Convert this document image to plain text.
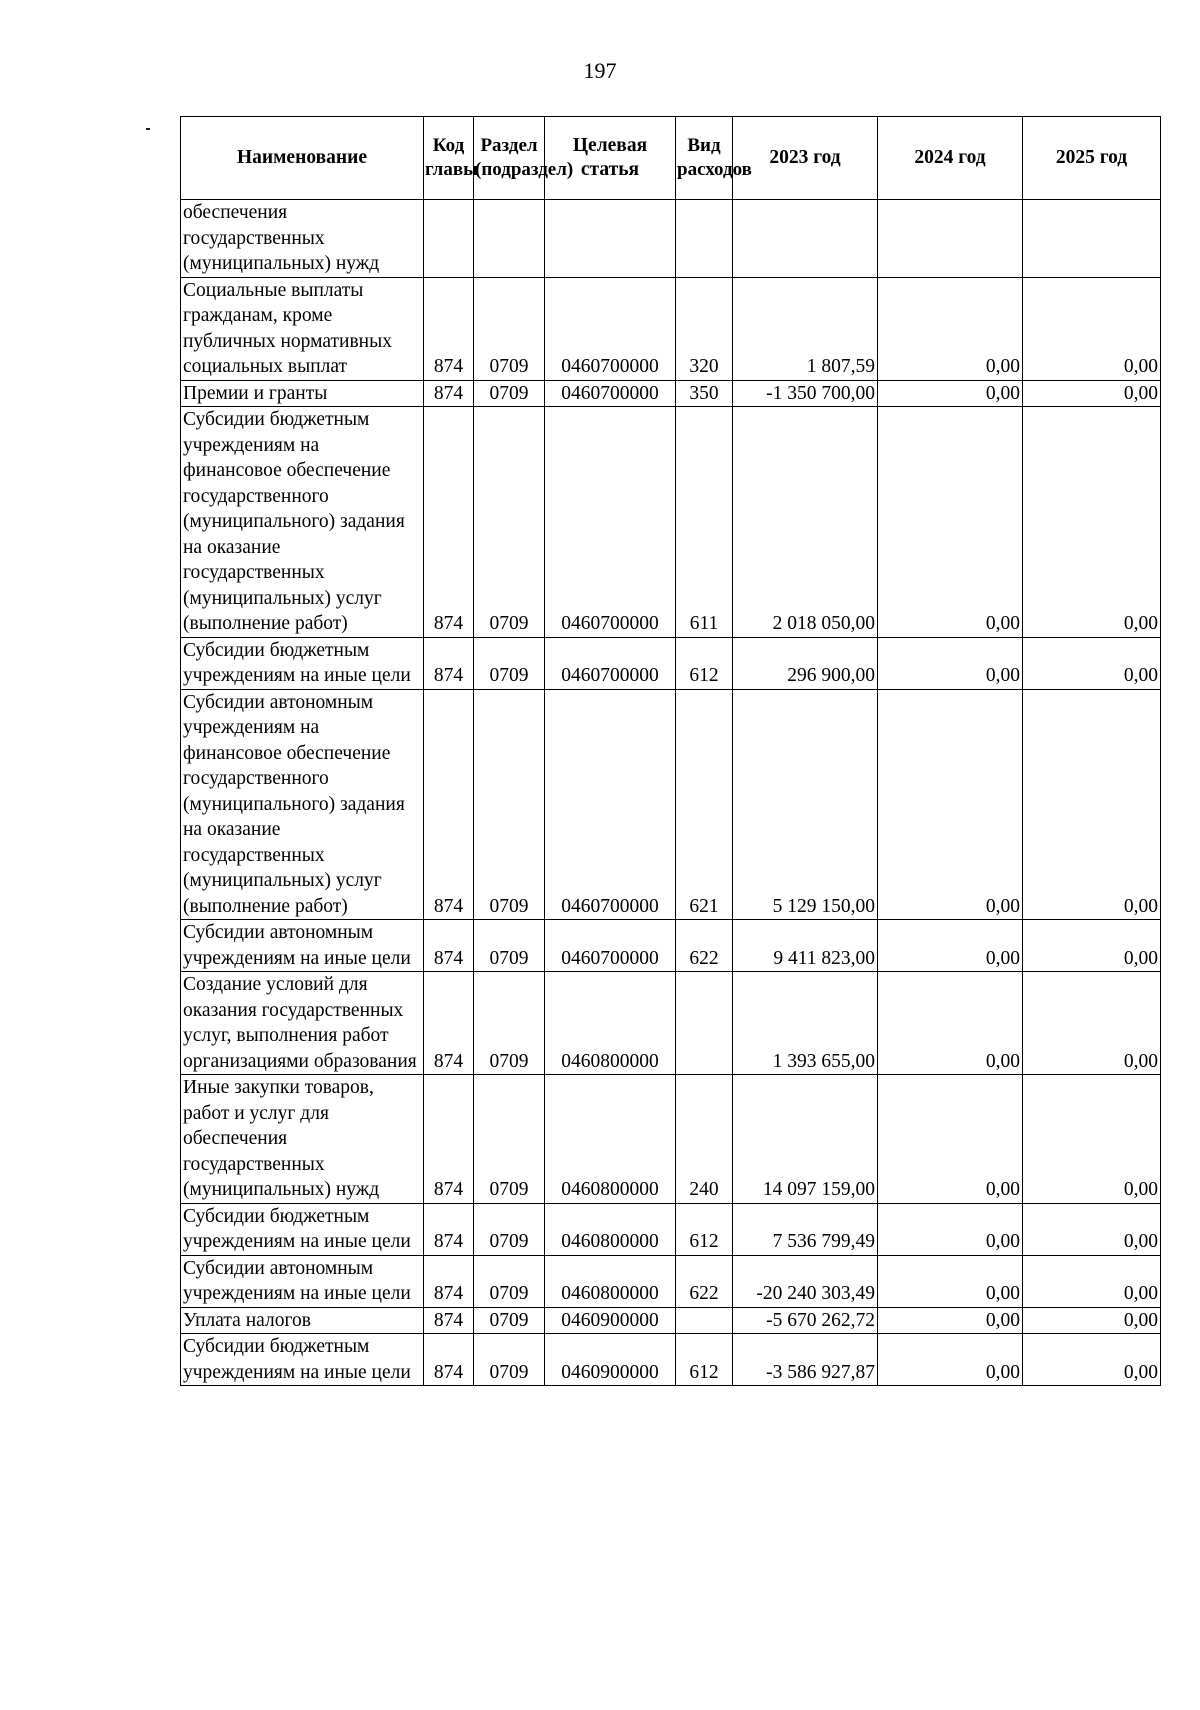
197
Наименование	Код главы	Раздел (подраздел)	Целевая статья	Вид расходов	2023 год	2024 год	2025 год
обеспечения государственных (муниципальных) нужд							
Социальные выплаты гражданам, кроме публичных нормативных социальных выплат	874	0709	0460700000	320	1 807,59	0,00	0,00
Премии и гранты	874	0709	0460700000	350	-1 350 700,00	0,00	0,00
Субсидии бюджетным учреждениям на финансовое обеспечение государственного (муниципального) задания на оказание государственных (муниципальных) услуг (выполнение работ)	874	0709	0460700000	611	2 018 050,00	0,00	0,00
Субсидии бюджетным учреждениям на иные цели	874	0709	0460700000	612	296 900,00	0,00	0,00
Субсидии автономным учреждениям на финансовое обеспечение государственного (муниципального) задания на оказание государственных (муниципальных) услуг (выполнение работ)	874	0709	0460700000	621	5 129 150,00	0,00	0,00
Субсидии автономным учреждениям на иные цели	874	0709	0460700000	622	9 411 823,00	0,00	0,00
Создание условий для оказания государственных услуг, выполнения работ организациями образования	874	0709	0460800000		1 393 655,00	0,00	0,00
Иные закупки товаров, работ и услуг для обеспечения государственных (муниципальных) нужд	874	0709	0460800000	240	14 097 159,00	0,00	0,00
Субсидии бюджетным учреждениям на иные цели	874	0709	0460800000	612	7 536 799,49	0,00	0,00
Субсидии автономным учреждениям на иные цели	874	0709	0460800000	622	-20 240 303,49	0,00	0,00
Уплата налогов	874	0709	0460900000		-5 670 262,72	0,00	0,00
Субсидии бюджетным учреждениям на иные цели	874	0709	0460900000	612	-3 586 927,87	0,00	0,00
